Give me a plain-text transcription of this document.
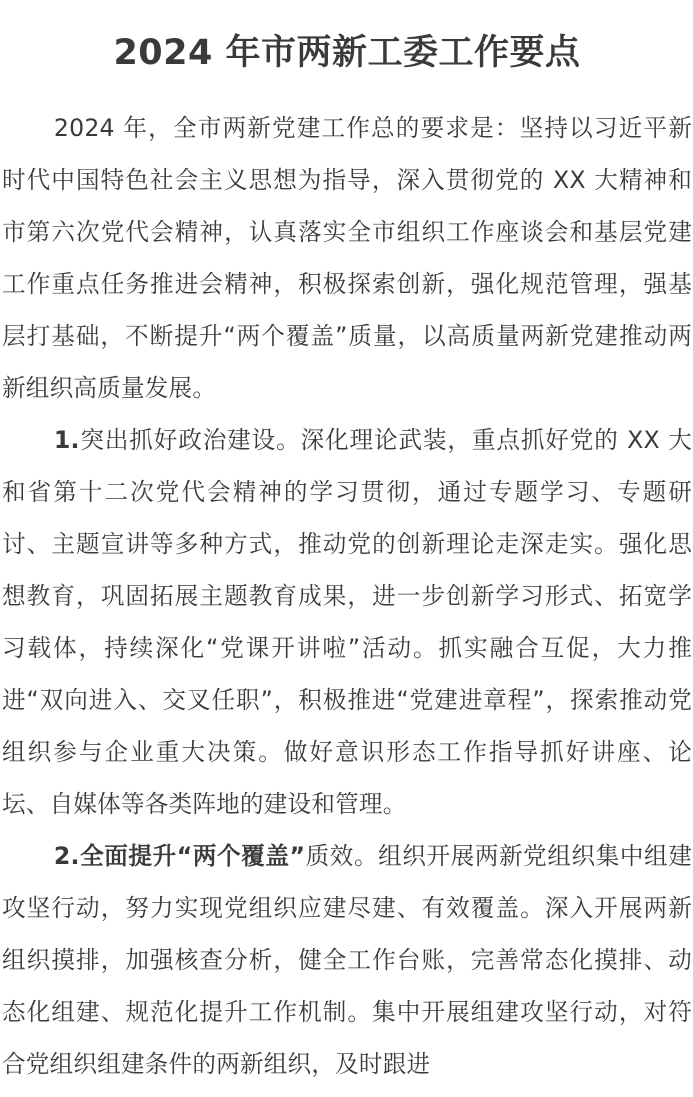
2024 年市两新工委工作要点

2024 年，全市两新党建工作总的要求是：坚持以习近平新时代中国特色社会主义思想为指导，深入贯彻党的 XX 大精神和市第六次党代会精神，认真落实全市组织工作座谈会和基层党建工作重点任务推进会精神，积极探索创新，强化规范管理，强基层打基础，不断提升“两个覆盖”质量，以高质量两新党建推动两新组织高质量发展。

1.突出抓好政治建设。深化理论武装，重点抓好党的 XX 大和省第十二次党代会精神的学习贯彻，通过专题学习、专题研讨、主题宣讲等多种方式，推动党的创新理论走深走实。强化思想教育，巩固拓展主题教育成果，进一步创新学习形式、拓宽学习载体，持续深化“党课开讲啦”活动。抓实融合互促，大力推进“双向进入、交叉任职”，积极推进“党建进章程”，探索推动党组织参与企业重大决策。做好意识形态工作指导抓好讲座、论坛、自媒体等各类阵地的建设和管理。

2.全面提升“两个覆盖”质效。组织开展两新党组织集中组建攻坚行动，努力实现党组织应建尽建、有效覆盖。深入开展两新组织摸排，加强核查分析，健全工作台账，完善常态化摸排、动态化组建、规范化提升工作机制。集中开展组建攻坚行动，对符合党组织组建条件的两新组织，及时跟进
